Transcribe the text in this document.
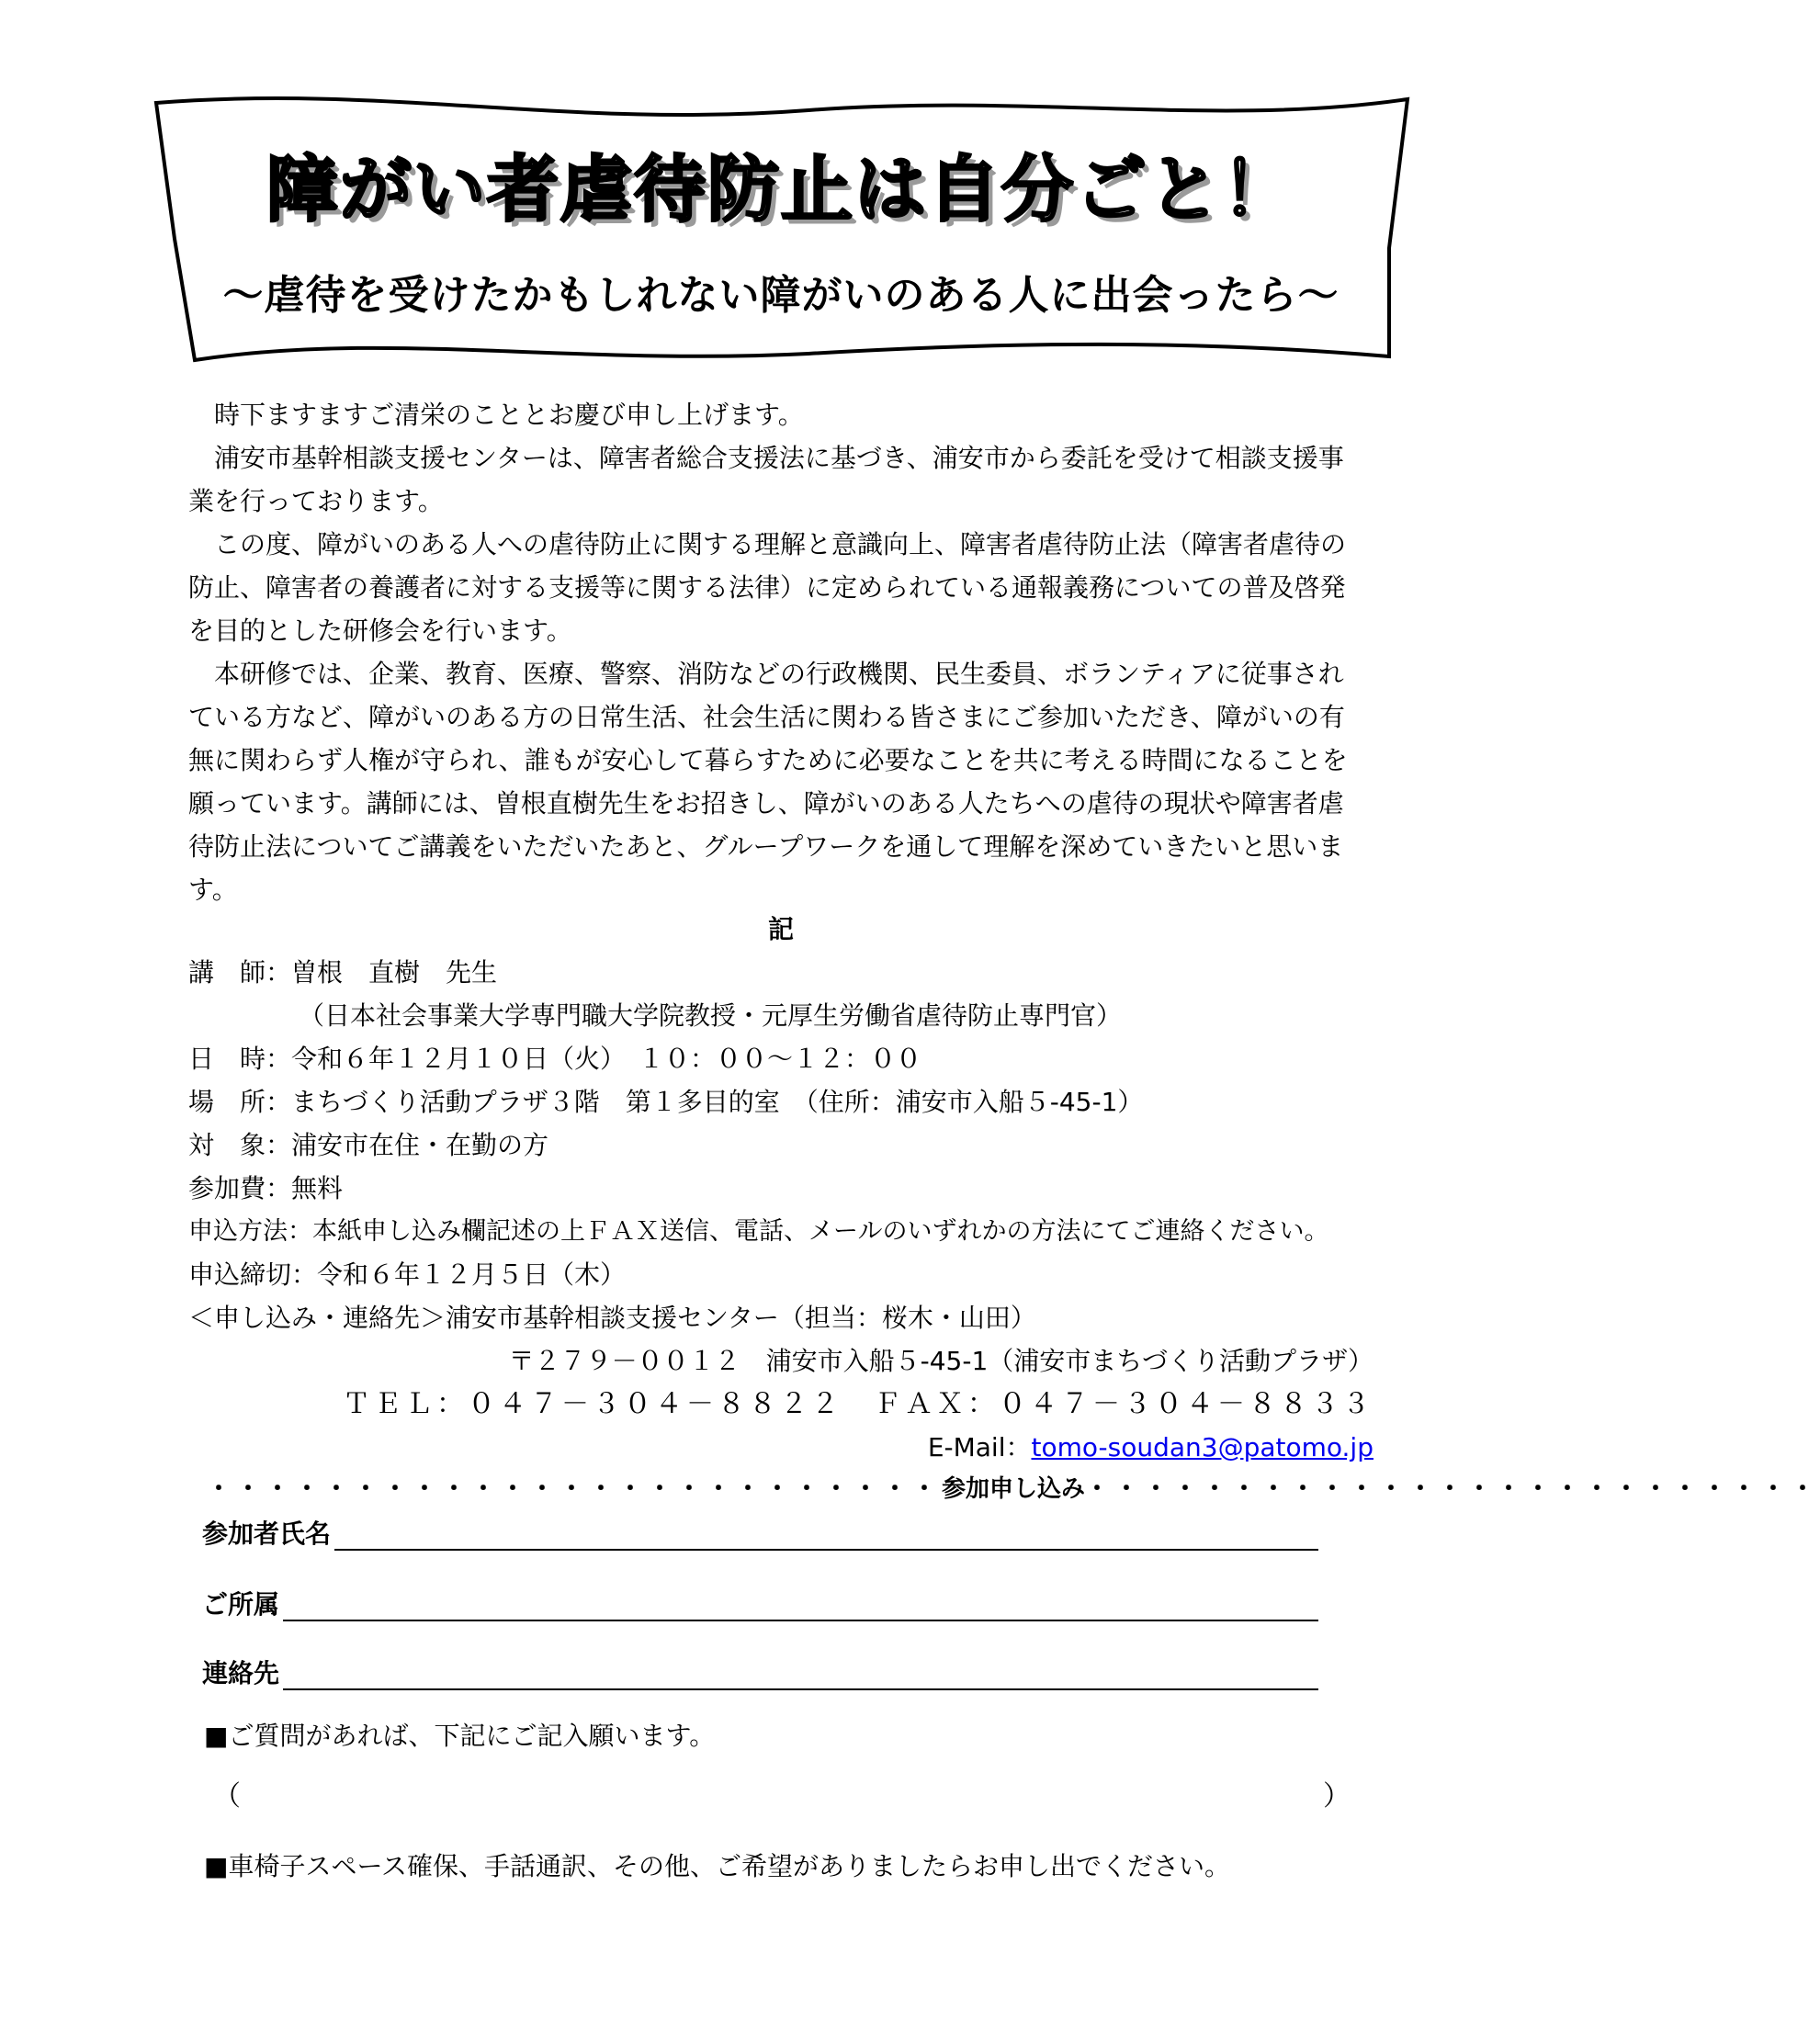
障がい者虐待防止は自分ごと！
～虐待を受けたかもしれない障がいのある人に出会ったら～

時下ますますご清栄のこととお慶び申し上げます。

浦安市基幹相談支援センターは、障害者総合支援法に基づき、浦安市から委託を受けて相談支援事業を行っております。

この度、障がいのある人への虐待防止に関する理解と意識向上、障害者虐待防止法（障害者虐待の防止、障害者の養護者に対する支援等に関する法律）に定められている通報義務についての普及啓発を目的とした研修会を行います。

本研修では、企業、教育、医療、警察、消防などの行政機関、民生委員、ボランティアに従事されている方など、障がいのある方の日常生活、社会生活に関わる皆さまにご参加いただき、障がいの有無に関わらず人権が守られ、誰もが安心して暮らすために必要なことを共に考える時間になることを願っています。講師には、曽根直樹先生をお招きし、障がいのある人たちへの虐待の現状や障害者虐待防止法についてご講義をいただいたあと、グループワークを通して理解を深めていきたいと思います。

記
講　師：曽根　直樹　先生
（日本社会事業大学専門職大学院教授・元厚生労働省虐待防止専門官）
日　時：令和６年１２月１０日（火）　１０：００～１２：００
場　所：まちづくり活動プラザ３階　第１多目的室　（住所：浦安市入船５-45-1）
対　象：浦安市在住・在勤の方
参加費：無料
申込方法：本紙申し込み欄記述の上ＦＡＸ送信、電話、メールのいずれかの方法にてご連絡ください。
申込締切：令和６年１２月５日（木）
＜申し込み・連絡先＞浦安市基幹相談支援センター（担当：桜木・山田）
〒２７９－００１２　浦安市入船５-45-1（浦安市まちづくり活動プラザ）
ＴＥＬ：０４７－３０４－８８２２　ＦＡＸ：０４７－３０４－８８３３
E-Mail：tomo-soudan3@patomo.jp
・・・・・・・・・・・・・・・・・・・・・・・・・参加申し込み・・・・・・・・・・・・・・・・・・・・・・・・・
参加者氏名
ご所属
連絡先
■ご質問があれば、下記にご記入願います。
（	）
■車椅子スペース確保、手話通訳、その他、ご希望がありましたらお申し出でください。
